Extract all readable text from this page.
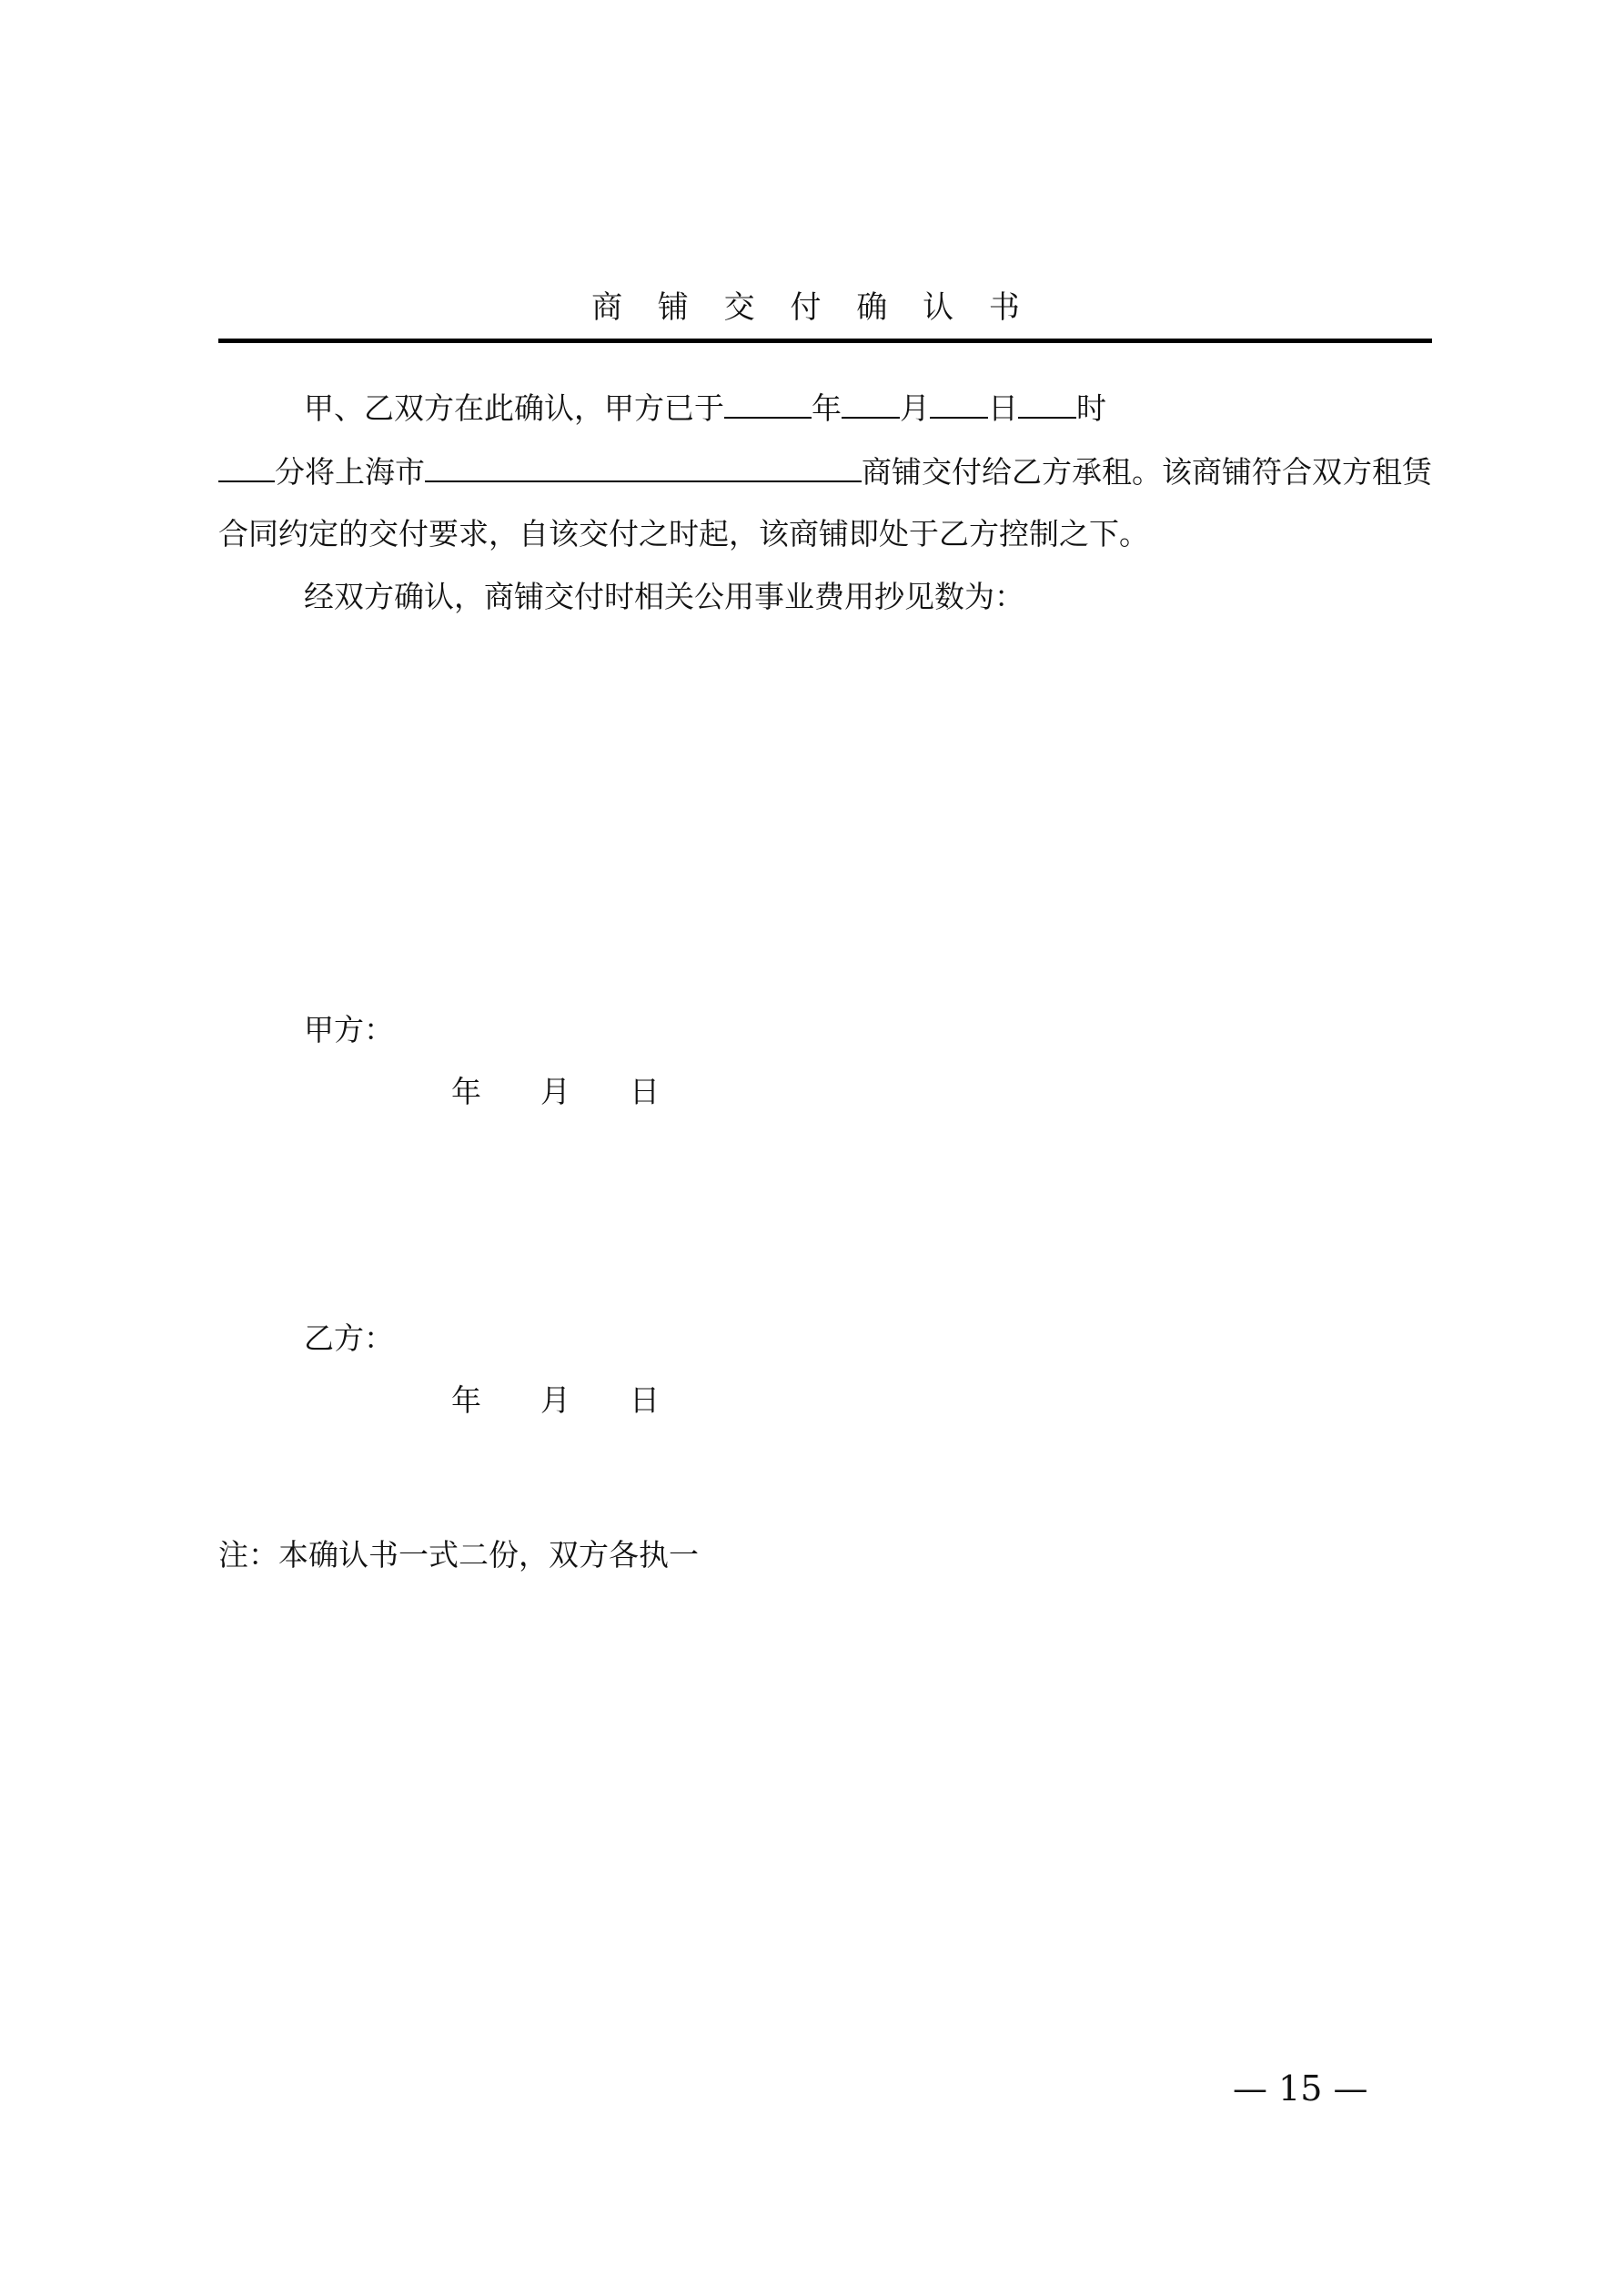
商 铺 交 付 确 认 书
甲、乙双方在此确认，甲方已于	年 月 日 时
分将上海市	商铺交付给乙方承租。该商铺符合双方租赁
合同约定的交付要求，自该交付之时起，该商铺即处于乙方控制之下。
经双方确认，商铺交付时相关公用事业费用抄见数为：
甲方：
年 月 日
乙方：
年 月 日
注：本确认书一式二份，双方各执一
— 15 —
